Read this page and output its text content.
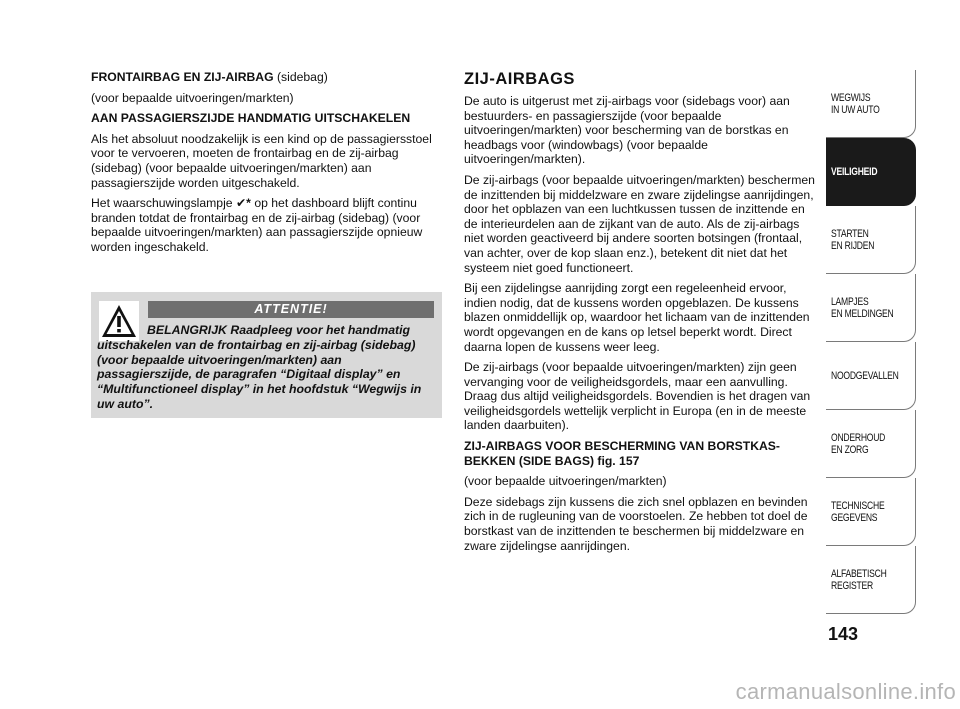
FRONTAIRBAG EN ZIJ-AIRBAG (sidebag)

(voor bepaalde uitvoeringen/markten)

AAN PASSAGIERSZIJDE HANDMATIG UITSCHAKELEN

Als het absoluut noodzakelijk is een kind op de passagiersstoel voor te vervoeren, moeten de frontairbag en de zij-airbag (sidebag) (voor bepaalde uitvoeringen/markten) aan passagierszijde worden uitgeschakeld.

Het waarschuwingslampje ✔︎* op het dashboard blijft continu branden totdat de frontairbag en de zij-airbag (sidebag) (voor bepaalde uitvoeringen/markten) aan passagierszijde opnieuw worden ingeschakeld.

ATTENTIE!
BELANGRIJK Raadpleeg voor het handmatig uitschakelen van de frontairbag en zij-airbag (sidebag) (voor bepaalde uitvoeringen/markten) aan passagierszijde, de paragrafen “Digitaal display” en “Multifunctioneel display” in het hoofdstuk “Wegwijs in uw auto”.

ZIJ-AIRBAGS

De auto is uitgerust met zij-airbags voor (sidebags voor) aan bestuurders- en passagierszijde (voor bepaalde uitvoeringen/markten) voor bescherming van de borstkas en headbags voor (windowbags) (voor bepaalde uitvoeringen/markten).

De zij-airbags (voor bepaalde uitvoeringen/markten) beschermen de inzittenden bij middelzware en zware zijdelingse aanrijdingen, door het opblazen van een luchtkussen tussen de inzittende en de interieurdelen aan de zijkant van de auto. Als de zij-airbags niet worden geactiveerd bij andere soorten botsingen (frontaal, van achter, over de kop slaan enz.), betekent dit niet dat het systeem niet goed functioneert.

Bij een zijdelingse aanrijding zorgt een regeleenheid ervoor, indien nodig, dat de kussens worden opgeblazen. De kussens blazen onmiddellijk op, waardoor het lichaam van de inzittenden wordt opgevangen en de kans op letsel beperkt wordt. Direct daarna lopen de kussens weer leeg.

De zij-airbags (voor bepaalde uitvoeringen/markten) zijn geen vervanging voor de veiligheidsgordels, maar een aanvulling. Draag dus altijd veiligheidsgordels. Bovendien is het dragen van veiligheidsgordels wettelijk verplicht in Europa (en in de meeste landen daarbuiten).

ZIJ-AIRBAGS VOOR BESCHERMING VAN BORSTKAS-BEKKEN (SIDE BAGS) fig. 157

(voor bepaalde uitvoeringen/markten)

Deze sidebags zijn kussens die zich snel opblazen en bevinden zich in de rugleuning van de voorstoelen. Ze hebben tot doel de borstkast van de inzittenden te beschermen bij middelzware en zware zijdelingse aanrijdingen.

WEGWIJS
IN UW AUTO
VEILIGHEID
STARTEN
EN RIJDEN
LAMPJES
EN MELDINGEN
NOODGEVALLEN
ONDERHOUD
EN ZORG
TECHNISCHE
GEGEVENS
ALFABETISCH
REGISTER
143
carmanualsonline.info
